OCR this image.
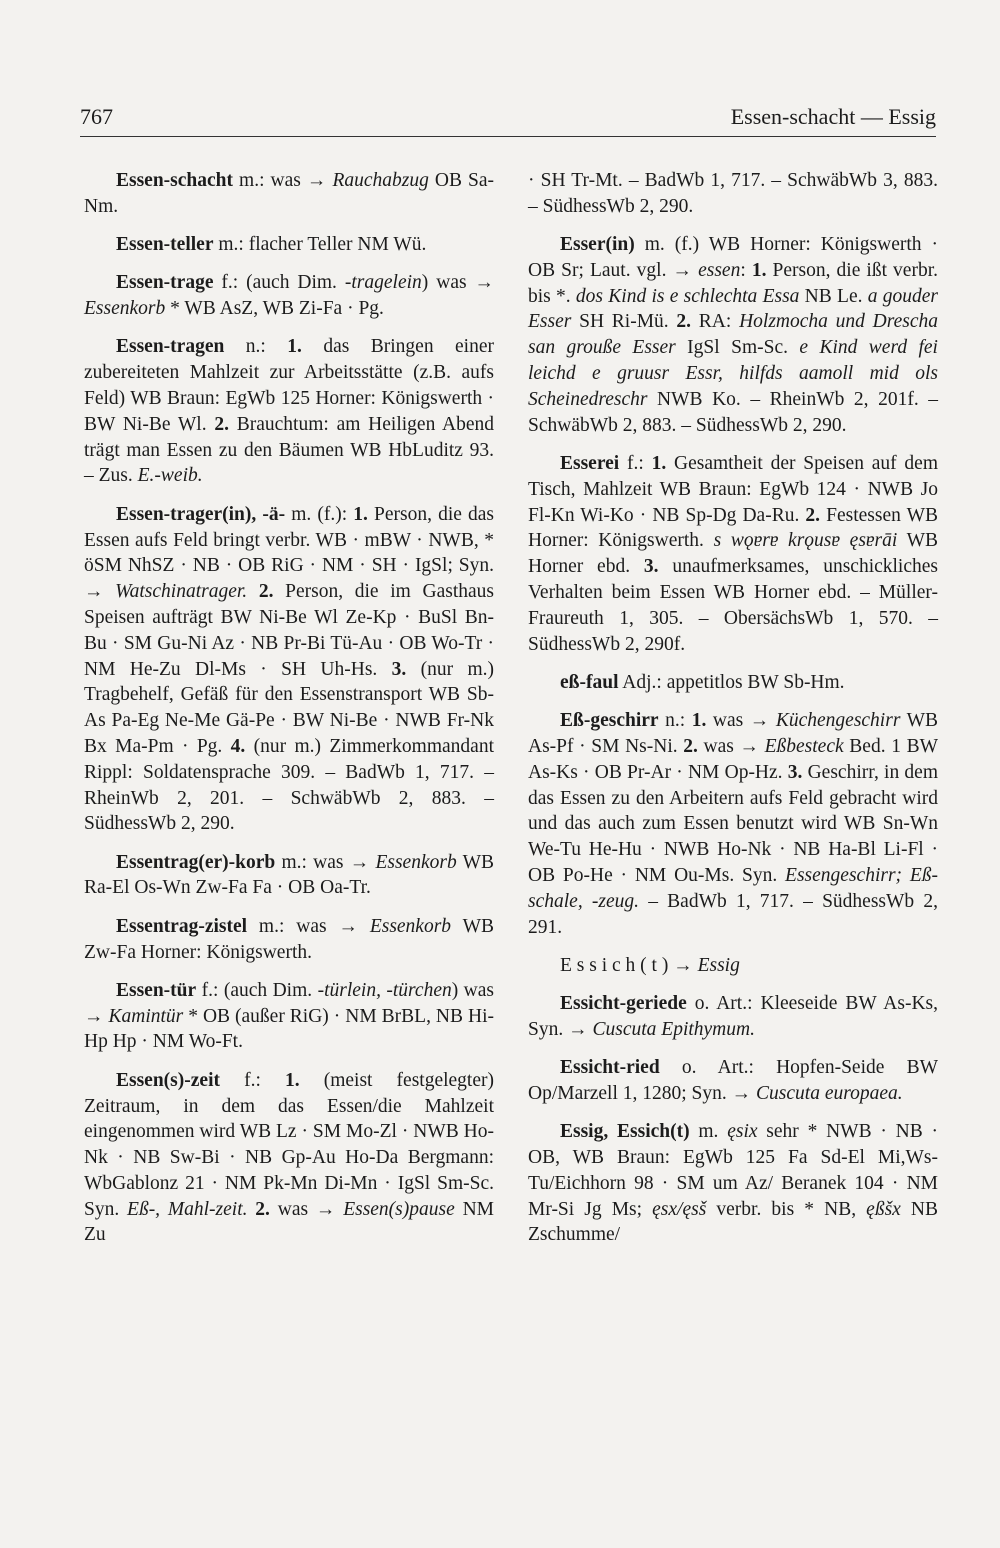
767	Essen-schacht — Essig

Essen-schacht m.: was → Rauchabzug OB Sa-Nm.

Essen-teller m.: flacher Teller NM Wü.

Essen-trage f.: (auch Dim. -tragelein) was → Essenkorb * WB AsZ, WB Zi-Fa · Pg.

Essen-tragen n.: 1. das Bringen einer zubereiteten Mahlzeit zur Arbeitsstätte (z.B. aufs Feld) WB Braun: EgWb 125 Horner: Königswerth · BW Ni-Be Wl. 2. Brauchtum: am Heiligen Abend trägt man Essen zu den Bäumen WB HbLuditz 93. – Zus. E.-weib.

Essen-trager(in), -ä- m. (f.): 1. Person, die das Essen aufs Feld bringt verbr. WB · mBW · NWB, * öSM NhSZ · NB · OB RiG · NM · SH · IgSl; Syn. → Watschinatrager. 2. Person, die im Gasthaus Speisen aufträgt BW Ni-Be Wl Ze-Kp · BuSl Bn-Bu · SM Gu-Ni Az · NB Pr-Bi Tü-Au · OB Wo-Tr · NM He-Zu Dl-Ms · SH Uh-Hs. 3. (nur m.) Tragbehelf, Gefäß für den Essenstransport WB Sb-As Pa-Eg Ne-Me Gä-Pe · BW Ni-Be · NWB Fr-Nk Bx Ma-Pm · Pg. 4. (nur m.) Zimmerkommandant Rippl: Soldatensprache 309. – BadWb 1, 717. – RheinWb 2, 201. – SchwäbWb 2, 883. – SüdhessWb 2, 290.

Essentrag(er)-korb m.: was → Essenkorb WB Ra-El Os-Wn Zw-Fa Fa · OB Oa-Tr.

Essentrag-zistel m.: was → Essenkorb WB Zw-Fa Horner: Königswerth.

Essen-tür f.: (auch Dim. -türlein, -türchen) was → Kamintür * OB (außer RiG) · NM BrBL, NB Hi-Hp Hp · NM Wo-Ft.

Essen(s)-zeit f.: 1. (meist festgelegter) Zeitraum, in dem das Essen/die Mahlzeit eingenommen wird WB Lz · SM Mo-Zl · NWB Ho-Nk · NB Sw-Bi · NB Gp-Au Ho-Da Bergmann: WbGablonz 21 · NM Pk-Mn Di-Mn · IgSl Sm-Sc. Syn. Eß-, Mahl-zeit. 2. was → Essen(s)pause NM Zu

· SH Tr-Mt. – BadWb 1, 717. – SchwäbWb 3, 883. – SüdhessWb 2, 290.

Esser(in) m. (f.) WB Horner: Königswerth · OB Sr; Laut. vgl. → essen: 1. Person, die ißt verbr. bis *. dos Kind is e schlechta Essa NB Le. a gouder Esser SH Ri-Mü. 2. RA: Holzmocha und Drescha san grouße Esser IgSl Sm-Sc. e Kind werd fei leichd e gruusr Essr, hilfds aamoll mid ols Scheinedreschr NWB Ko. – RheinWb 2, 201f. – SchwäbWb 2, 883. – SüdhessWb 2, 290.

Esserei f.: 1. Gesamtheit der Speisen auf dem Tisch, Mahlzeit WB Braun: EgWb 124 · NWB Jo Fl-Kn Wi-Ko · NB Sp-Dg Da-Ru. 2. Festessen WB Horner: Königswerth. s wǫɐrɐ krǫusɐ ęsɐrāi WB Horner ebd. 3. unaufmerksames, unschickliches Verhalten beim Essen WB Horner ebd. – Müller-Fraureuth 1, 305. – ObersächsWb 1, 570. – SüdhessWb 2, 290f.

eß-faul Adj.: appetitlos BW Sb-Hm.

Eß-geschirr n.: 1. was → Küchengeschirr WB As-Pf · SM Ns-Ni. 2. was → Eßbesteck Bed. 1 BW As-Ks · OB Pr-Ar · NM Op-Hz. 3. Geschirr, in dem das Essen zu den Arbeitern aufs Feld gebracht wird und das auch zum Essen benutzt wird WB Sn-Wn We-Tu He-Hu · NWB Ho-Nk · NB Ha-Bl Li-Fl · OB Po-He · NM Ou-Ms. Syn. Essengeschirr; Eß-schale, -zeug. – BadWb 1, 717. – SüdhessWb 2, 291.

E s s i c h ( t ) → Essig

Essicht-geriede o. Art.: Kleeseide BW As-Ks, Syn. → Cuscuta Epithymum.

Essicht-ried o. Art.: Hopfen-Seide BW Op/Marzell 1, 1280; Syn. → Cuscuta europaea.

Essig, Essich(t) m. ęsix sehr * NWB · NB · OB, WB Braun: EgWb 125 Fa Sd-El Mi,Ws-Tu/Eichhorn 98 · SM um Az/ Beranek 104 · NM Mr-Si Jg Ms; ęsx/ęsš verbr. bis * NB, ęßšx NB Zschumme/
